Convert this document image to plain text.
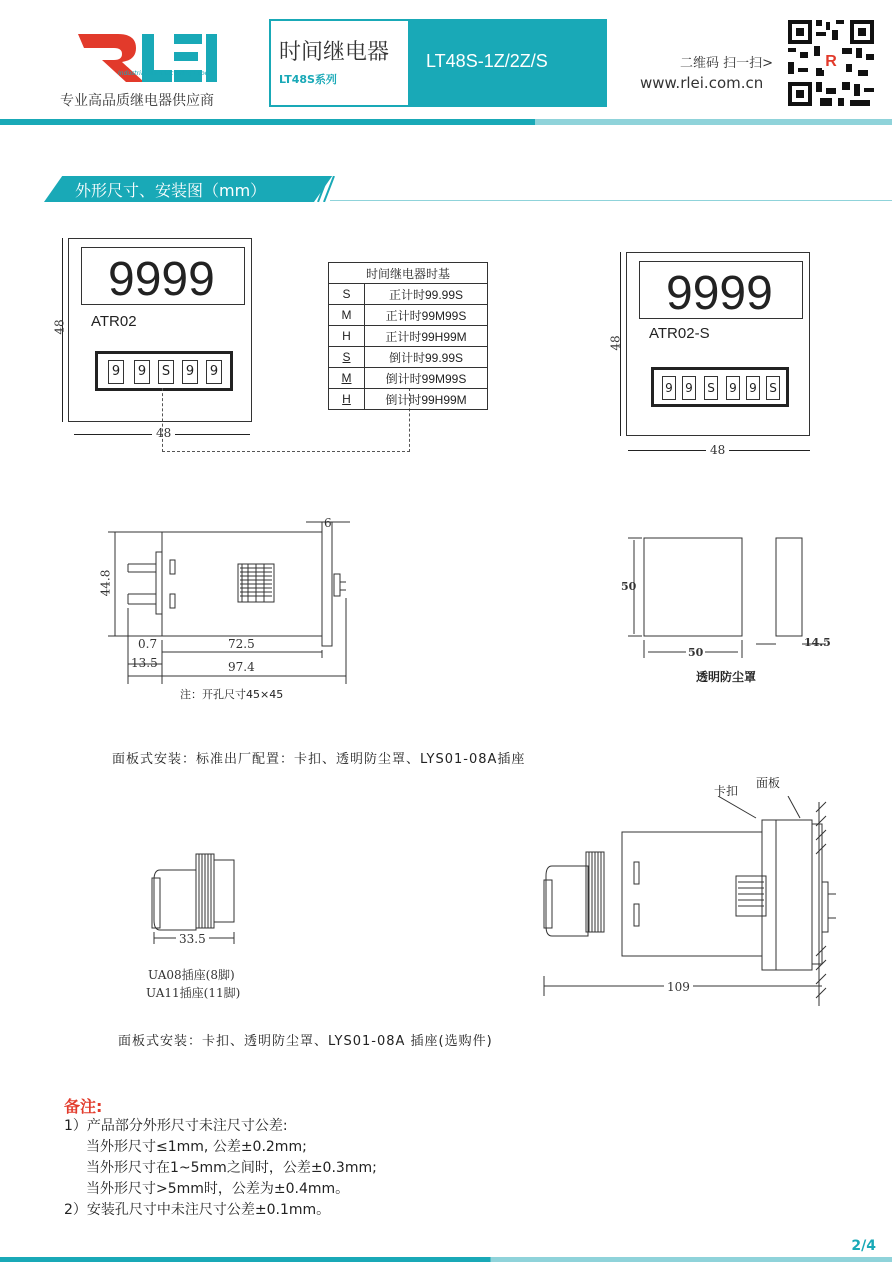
Industrial Manufacturing Expert
专业高品质继电器供应商
时间继电器
LT48S系列
LT48S-1Z/2Z/S	二维码 扫一扫>
www.rlei.com.cn
R
外形尺寸、安装图（mm）
9999
ATR02
9 9 S 9 9
48
48
时间继电器时基	
S	正计时99.99S
M	正计时99M99S
H	正计时99H99M
S	倒计时99.99S
M	倒计时99M99S
H	倒计时99H99M
9999
ATR02-S
9 9 S 9 9 S
48
48
6
44.8
0.7	72.5
13.5	97.4
注：开孔尺寸45×45
50
50
14.5
透明防尘罩
面板式安装：标准出厂配置：卡扣、透明防尘罩、LYS01-08A插座
33.5
UA08插座(8脚)
UA11插座(11脚)
卡扣
面板
109
面板式安装：卡扣、透明防尘罩、LYS01-08A 插座(选购件)
备注:
1）产品部分外形尺寸未注尺寸公差:
当外形尺寸≤1mm, 公差±0.2mm;
当外形尺寸在1~5mm之间时，公差±0.3mm;
当外形尺寸>5mm时，公差为±0.4mm。
2）安装孔尺寸中未注尺寸公差±0.1mm。
2/4
